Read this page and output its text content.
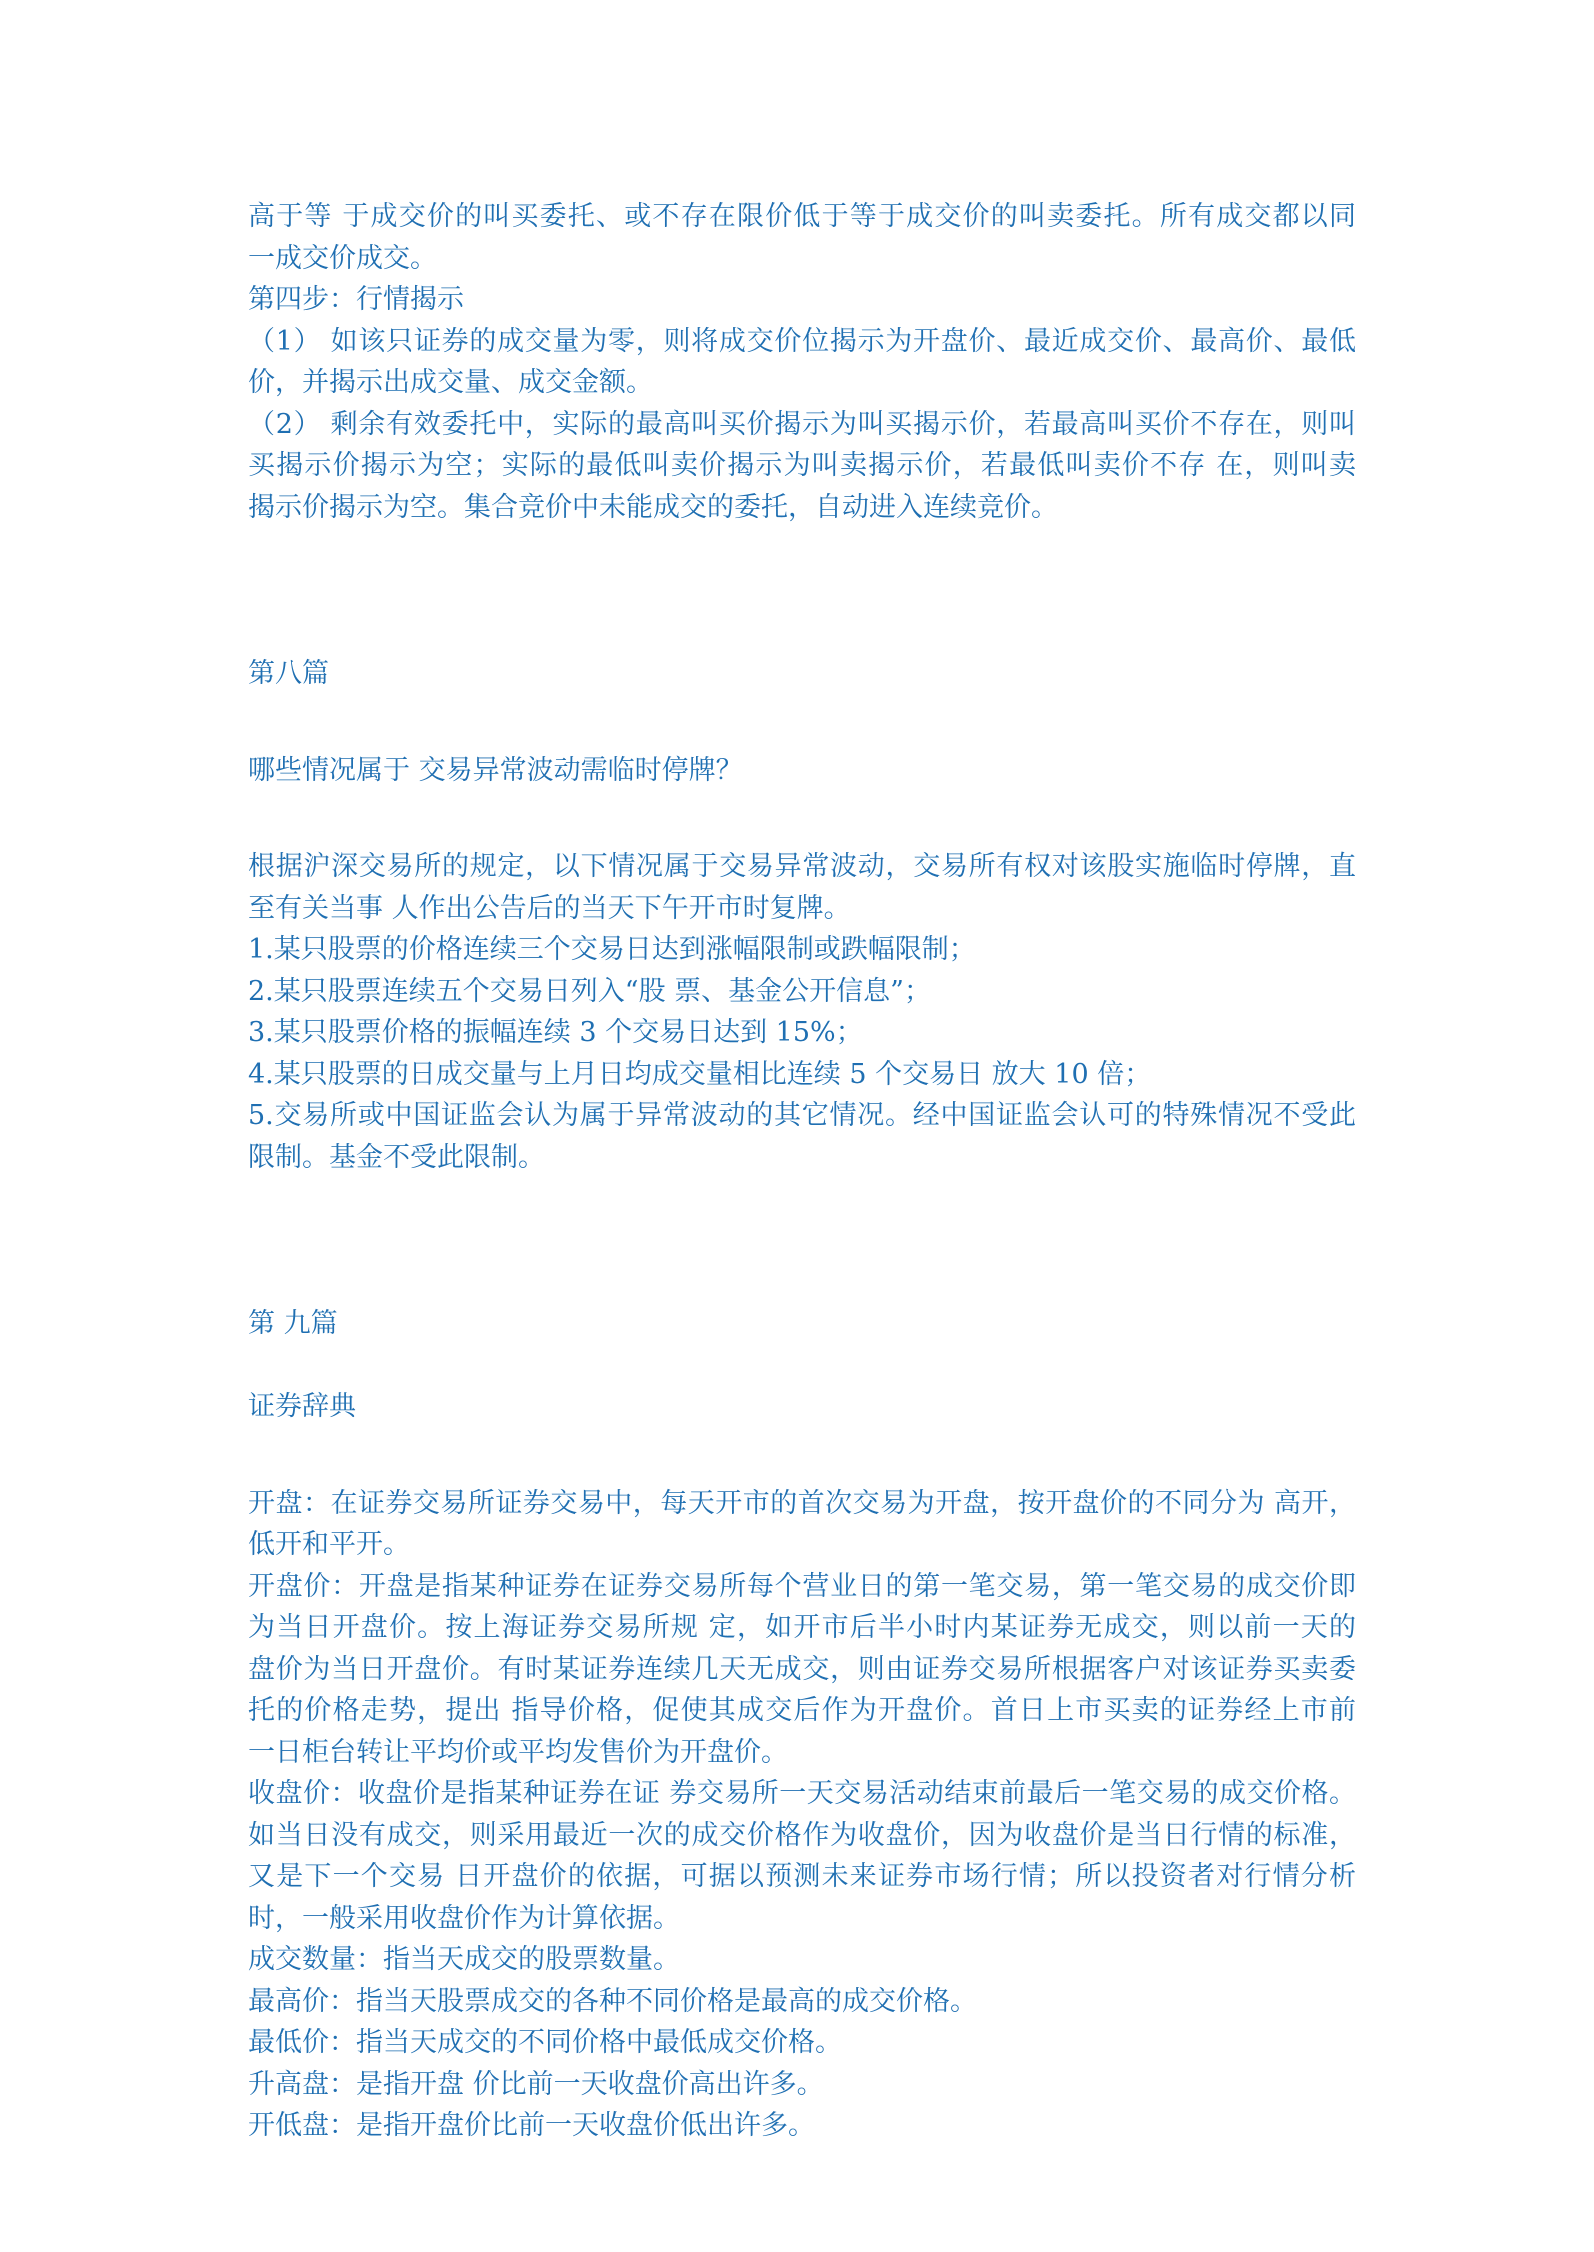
高于等 于成交价的叫买委托、或不存在限价低于等于成交价的叫卖委托。所有成交都以同
一成交价成交。
第四步：行情揭示
（1） 如该只证券的成交量为零，则将成交价位揭示为开盘价、最近成交价、最高价、最低
价，并揭示出成交量、成交金额。
（2） 剩余有效委托中，实际的最高叫买价揭示为叫买揭示价，若最高叫买价不存在，则叫
买揭示价揭示为空；实际的最低叫卖价揭示为叫卖揭示价，若最低叫卖价不存 在，则叫卖
揭示价揭示为空。集合竞价中未能成交的委托，自动进入连续竞价。
第八篇
哪些情况属于 交易异常波动需临时停牌？
根据沪深交易所的规定，以下情况属于交易异常波动，交易所有权对该股实施临时停牌，直
至有关当事 人作出公告后的当天下午开市时复牌。
1.某只股票的价格连续三个交易日达到涨幅限制或跌幅限制；
2.某只股票连续五个交易日列入“股 票、基金公开信息”；
3.某只股票价格的振幅连续 3 个交易日达到 15%；
4.某只股票的日成交量与上月日均成交量相比连续 5 个交易日 放大 10 倍；
5.交易所或中国证监会认为属于异常波动的其它情况。经中国证监会认可的特殊情况不受此
限制。基金不受此限制。
第 九篇
证券辞典
开盘：在证券交易所证券交易中，每天开市的首次交易为开盘，按开盘价的不同分为 高开，
低开和平开。
开盘价：开盘是指某种证券在证券交易所每个营业日的第一笔交易，第一笔交易的成交价即
为当日开盘价。按上海证券交易所规 定，如开市后半小时内某证券无成交，则以前一天的
盘价为当日开盘价。有时某证券连续几天无成交，则由证券交易所根据客户对该证券买卖委
托的价格走势，提出 指导价格，促使其成交后作为开盘价。首日上市买卖的证券经上市前
一日柜台转让平均价或平均发售价为开盘价。
收盘价：收盘价是指某种证券在证 券交易所一天交易活动结束前最后一笔交易的成交价格。
如当日没有成交，则采用最近一次的成交价格作为收盘价，因为收盘价是当日行情的标准，
又是下一个交易 日开盘价的依据，可据以预测未来证券市场行情；所以投资者对行情分析
时，一般采用收盘价作为计算依据。
成交数量：指当天成交的股票数量。
最高价：指当天股票成交的各种不同价格是最高的成交价格。
最低价：指当天成交的不同价格中最低成交价格。
升高盘：是指开盘 价比前一天收盘价高出许多。
开低盘：是指开盘价比前一天收盘价低出许多。
